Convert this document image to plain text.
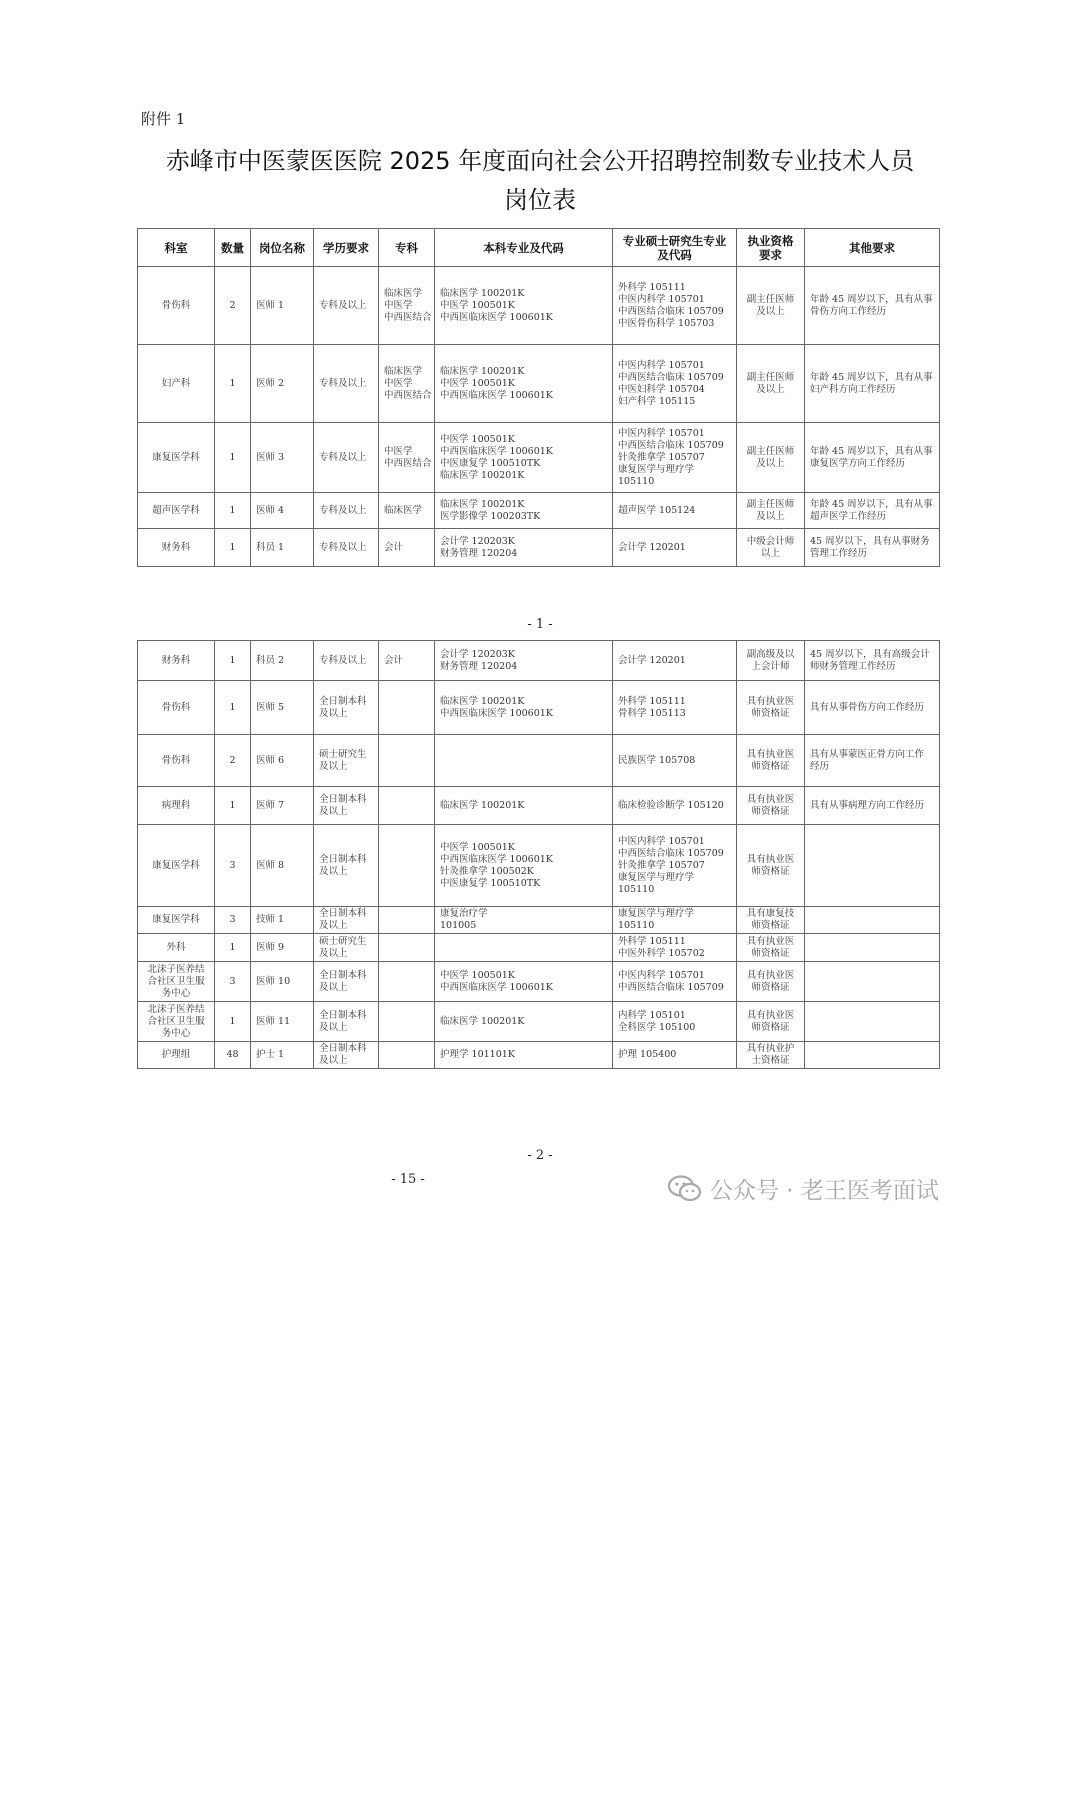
附件 1
赤峰市中医蒙医医院 2025 年度面向社会公开招聘控制数专业技术人员
岗位表
科室	数量	岗位名称	学历要求	专科	本科专业及代码	专业硕士研究生专业及代码	执业资格要求	其他要求

骨伤科	2	医师 1	专科及以上	临床医学
中医学
中西医结合	临床医学 100201K
中医学 100501K
中西医临床医学 100601K	外科学 105111
中医内科学 105701
中西医结合临床 105709
中医骨伤科学 105703	副主任医师
及以上	年龄 45 周岁以下，具有从事
骨伤方向工作经历

妇产科	1	医师 2	专科及以上	临床医学
中医学
中西医结合	临床医学 100201K
中医学 100501K
中西医临床医学 100601K	中医内科学 105701
中西医结合临床 105709
中医妇科学 105704
妇产科学 105115	副主任医师
及以上	年龄 45 周岁以下，具有从事
妇产科方向工作经历

康复医学科	1	医师 3	专科及以上	中医学
中西医结合	中医学 100501K
中西医临床医学 100601K
中医康复学 100510TK
临床医学 100201K	中医内科学 105701
中西医结合临床 105709
针灸推拿学 105707
康复医学与理疗学
105110	副主任医师
及以上	年龄 45 周岁以下，具有从事
康复医学方向工作经历

超声医学科	1	医师 4	专科及以上	临床医学	临床医学 100201K
医学影像学 100203TK	超声医学 105124	副主任医师
及以上	年龄 45 周岁以下，具有从事
超声医学工作经历

财务科	1	科员 1	专科及以上	会计	会计学 120203K
财务管理 120204	会计学 120201	中级会计师
以上	45 周岁以下，具有从事财务
管理工作经历
- 1 -
财务科	1	科员 2	专科及以上	会计	会计学 120203K
财务管理 120204	会计学 120201	副高级及以
上会计师	45 周岁以下，具有高级会计
师财务管理工作经历

骨伤科	1	医师 5	全日制本科
及以上		临床医学 100201K
中西医临床医学 100601K	外科学 105111
骨科学 105113	具有执业医
师资格证	具有从事骨伤方向工作经历

骨伤科	2	医师 6	硕士研究生
及以上			民族医学 105708	具有执业医
师资格证	具有从事蒙医正骨方向工作
经历

病理科	1	医师 7	全日制本科
及以上		临床医学 100201K	临床检验诊断学 105120	具有执业医
师资格证	具有从事病理方向工作经历

康复医学科	3	医师 8	全日制本科
及以上		中医学 100501K
中西医临床医学 100601K
针灸推拿学 100502K
中医康复学 100510TK	中医内科学 105701
中西医结合临床 105709
针灸推拿学 105707
康复医学与理疗学
105110	具有执业医
师资格证	

康复医学科	3	技师 1	全日制本科
及以上		康复治疗学
101005	康复医学与理疗学
105110	具有康复技
师资格证	

外科	1	医师 9	硕士研究生
及以上			外科学 105111
中医外科学 105702	具有执业医
师资格证	

北沫子医养结
合社区卫生服
务中心	3	医师 10	全日制本科
及以上		中医学 100501K
中西医临床医学 100601K	中医内科学 105701
中西医结合临床 105709	具有执业医
师资格证	

北沫子医养结
合社区卫生服
务中心	1	医师 11	全日制本科
及以上		临床医学 100201K	内科学 105101
全科医学 105100	具有执业医
师资格证	

护理组	48	护士 1	全日制本科
及以上		护理学 101101K	护理 105400	具有执业护
士资格证	

- 2 -
- 15 -	公众号 · 老王医考面试
